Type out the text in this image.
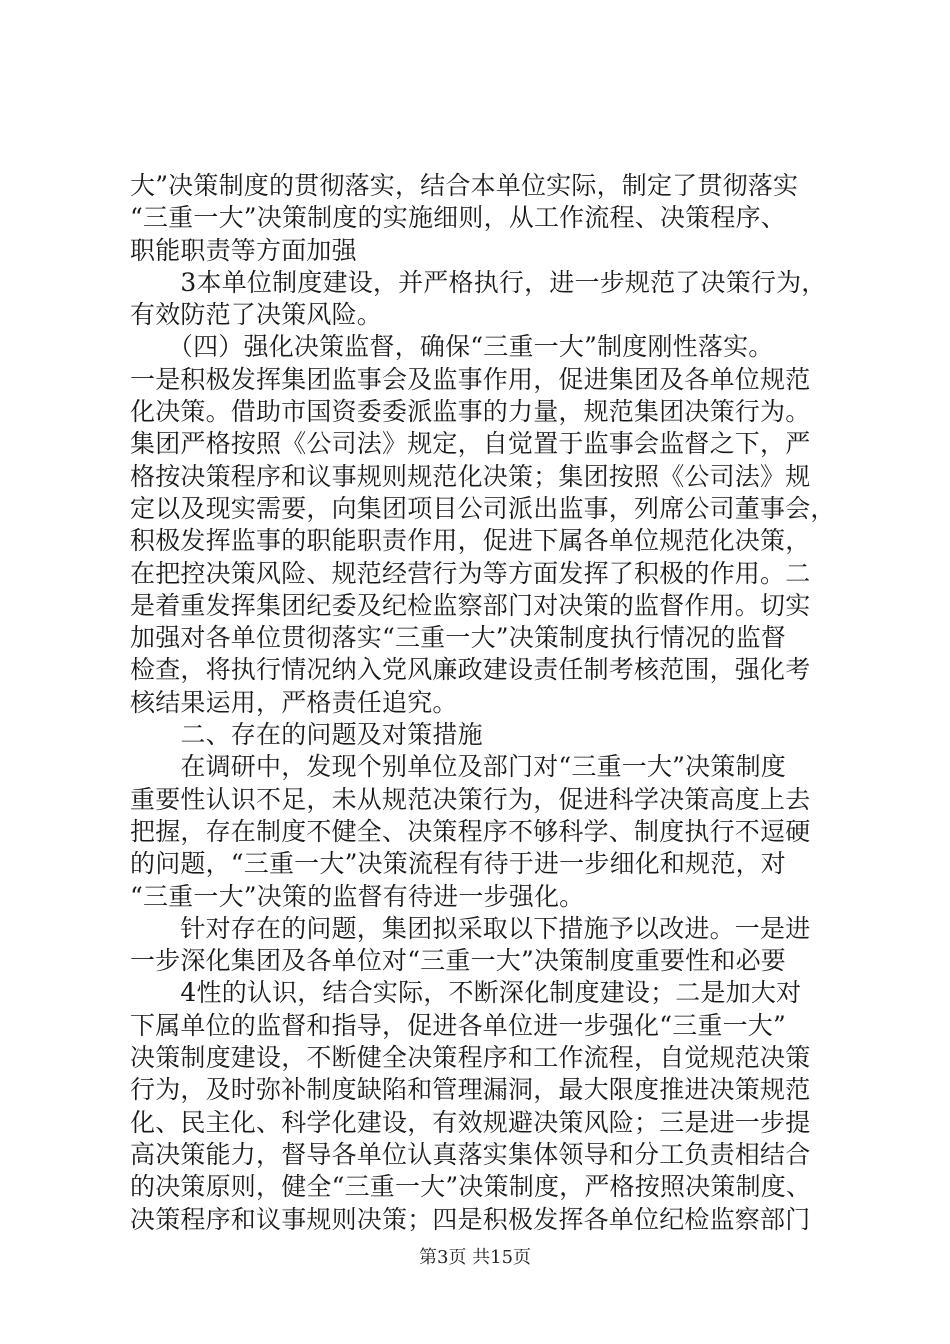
大”决策制度的贯彻落实，结合本单位实际，制定了贯彻落实
“三重一大”决策制度的实施细则，从工作流程、决策程序、
职能职责等方面加强
　　3本单位制度建设，并严格执行，进一步规范了决策行为，
有效防范了决策风险。
　　（四）强化决策监督，确保“三重一大”制度刚性落实。
一是积极发挥集团监事会及监事作用，促进集团及各单位规范
化决策。借助市国资委委派监事的力量，规范集团决策行为。
集团严格按照《公司法》规定，自觉置于监事会监督之下，严
格按决策程序和议事规则规范化决策；集团按照《公司法》规
定以及现实需要，向集团项目公司派出监事，列席公司董事会，
积极发挥监事的职能职责作用，促进下属各单位规范化决策，
在把控决策风险、规范经营行为等方面发挥了积极的作用。二
是着重发挥集团纪委及纪检监察部门对决策的监督作用。切实
加强对各单位贯彻落实“三重一大”决策制度执行情况的监督
检查，将执行情况纳入党风廉政建设责任制考核范围，强化考
核结果运用，严格责任追究。
　　二、存在的问题及对策措施
　　在调研中，发现个别单位及部门对“三重一大”决策制度
重要性认识不足，未从规范决策行为，促进科学决策高度上去
把握，存在制度不健全、决策程序不够科学、制度执行不逗硬
的问题，“三重一大”决策流程有待于进一步细化和规范，对
“三重一大”决策的监督有待进一步强化。
　　针对存在的问题，集团拟采取以下措施予以改进。一是进
一步深化集团及各单位对“三重一大”决策制度重要性和必要
　　4性的认识，结合实际，不断深化制度建设；二是加大对
下属单位的监督和指导，促进各单位进一步强化“三重一大”
决策制度建设，不断健全决策程序和工作流程，自觉规范决策
行为，及时弥补制度缺陷和管理漏洞，最大限度推进决策规范
化、民主化、科学化建设，有效规避决策风险；三是进一步提
高决策能力，督导各单位认真落实集体领导和分工负责相结合
的决策原则，健全“三重一大”决策制度，严格按照决策制度、
决策程序和议事规则决策；四是积极发挥各单位纪检监察部门
第3页 共15页
